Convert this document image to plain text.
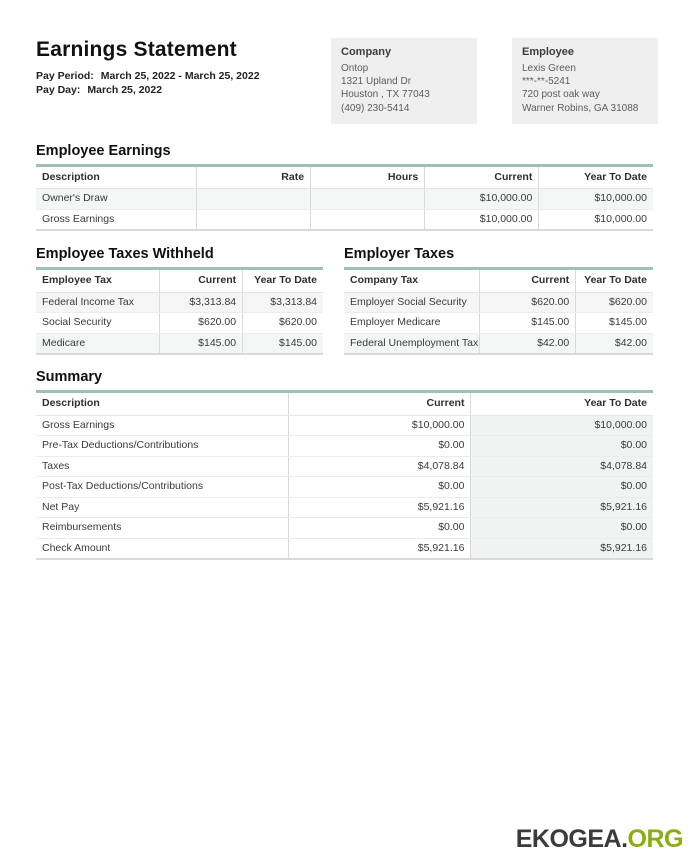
Earnings Statement
Pay Period: March 25, 2022 - March 25, 2022
Pay Day: March 25, 2022
Company
Ontop
1321 Upland Dr
Houston , TX 77043
(409) 230-5414
Employee
Lexis Green
***-**-5241
720 post oak way
Warner Robins, GA 31088
Employee Earnings
Description	Rate	Hours	Current	Year To Date
Owner's Draw			$10,000.00	$10,000.00
Gross Earnings			$10,000.00	$10,000.00
Employee Taxes Withheld
Employee Tax	Current	Year To Date
Federal Income Tax	$3,313.84	$3,313.84
Social Security	$620.00	$620.00
Medicare	$145.00	$145.00
Employer Taxes
Company Tax	Current	Year To Date
Employer Social Security	$620.00	$620.00
Employer Medicare	$145.00	$145.00
Federal Unemployment Tax	$42.00	$42.00
Summary
Description	Current	Year To Date
Gross Earnings	$10,000.00	$10,000.00
Pre-Tax Deductions/Contributions	$0.00	$0.00
Taxes	$4,078.84	$4,078.84
Post-Tax Deductions/Contributions	$0.00	$0.00
Net Pay	$5,921.16	$5,921.16
Reimbursements	$0.00	$0.00
Check Amount	$5,921.16	$5,921.16
EKOGEA.ORG
